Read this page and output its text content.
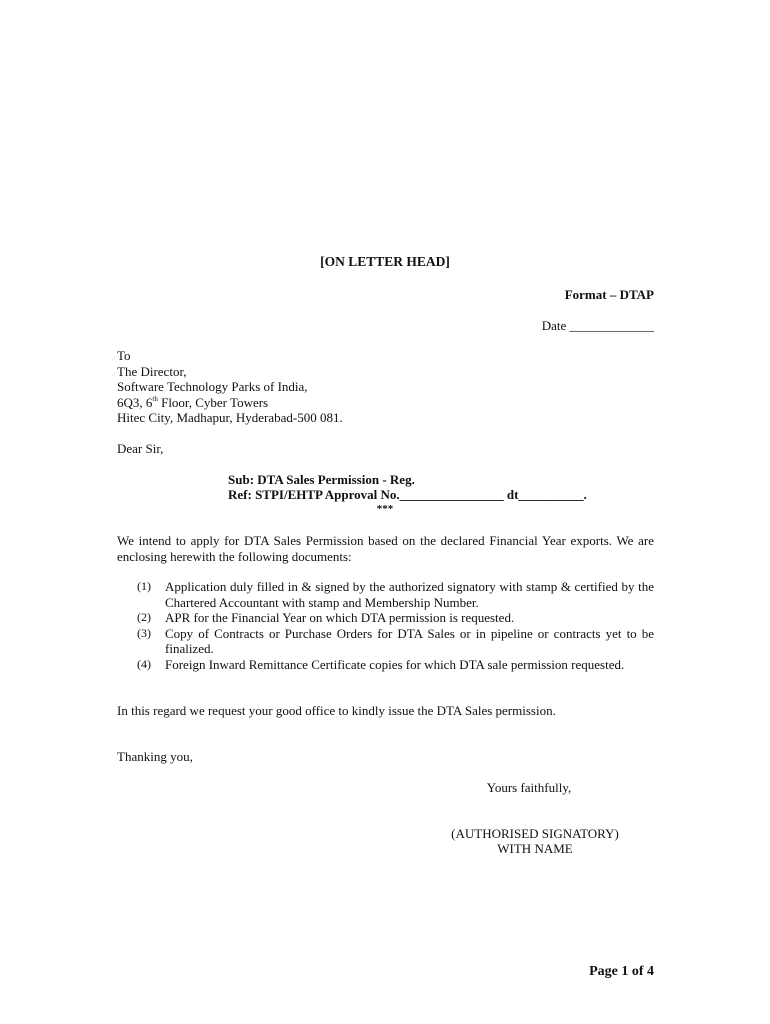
[ON LETTER HEAD]
Format – DTAP
Date _____________
To
The Director,
Software Technology Parks of India,
6Q3, 6th Floor, Cyber Towers
Hitec City, Madhapur, Hyderabad-500 081.
Dear Sir,
Sub: DTA Sales Permission - Reg.
Ref: STPI/EHTP Approval No.________________ dt__________.
***
We intend to apply for DTA Sales Permission based on the declared Financial Year exports. We are enclosing herewith the following documents:
(1) Application duly filled in & signed by the authorized signatory with stamp & certified by the Chartered Accountant with stamp and Membership Number.
(2) APR for the Financial Year on which DTA permission is requested.
(3) Copy of Contracts or Purchase Orders for DTA Sales or in pipeline or contracts yet to be finalized.
(4) Foreign Inward Remittance Certificate copies for which DTA sale permission requested.
In this regard we request your good office to kindly issue the DTA Sales permission.
Thanking you,
Yours faithfully,
(AUTHORISED SIGNATORY)
WITH NAME
Page 1 of 4
